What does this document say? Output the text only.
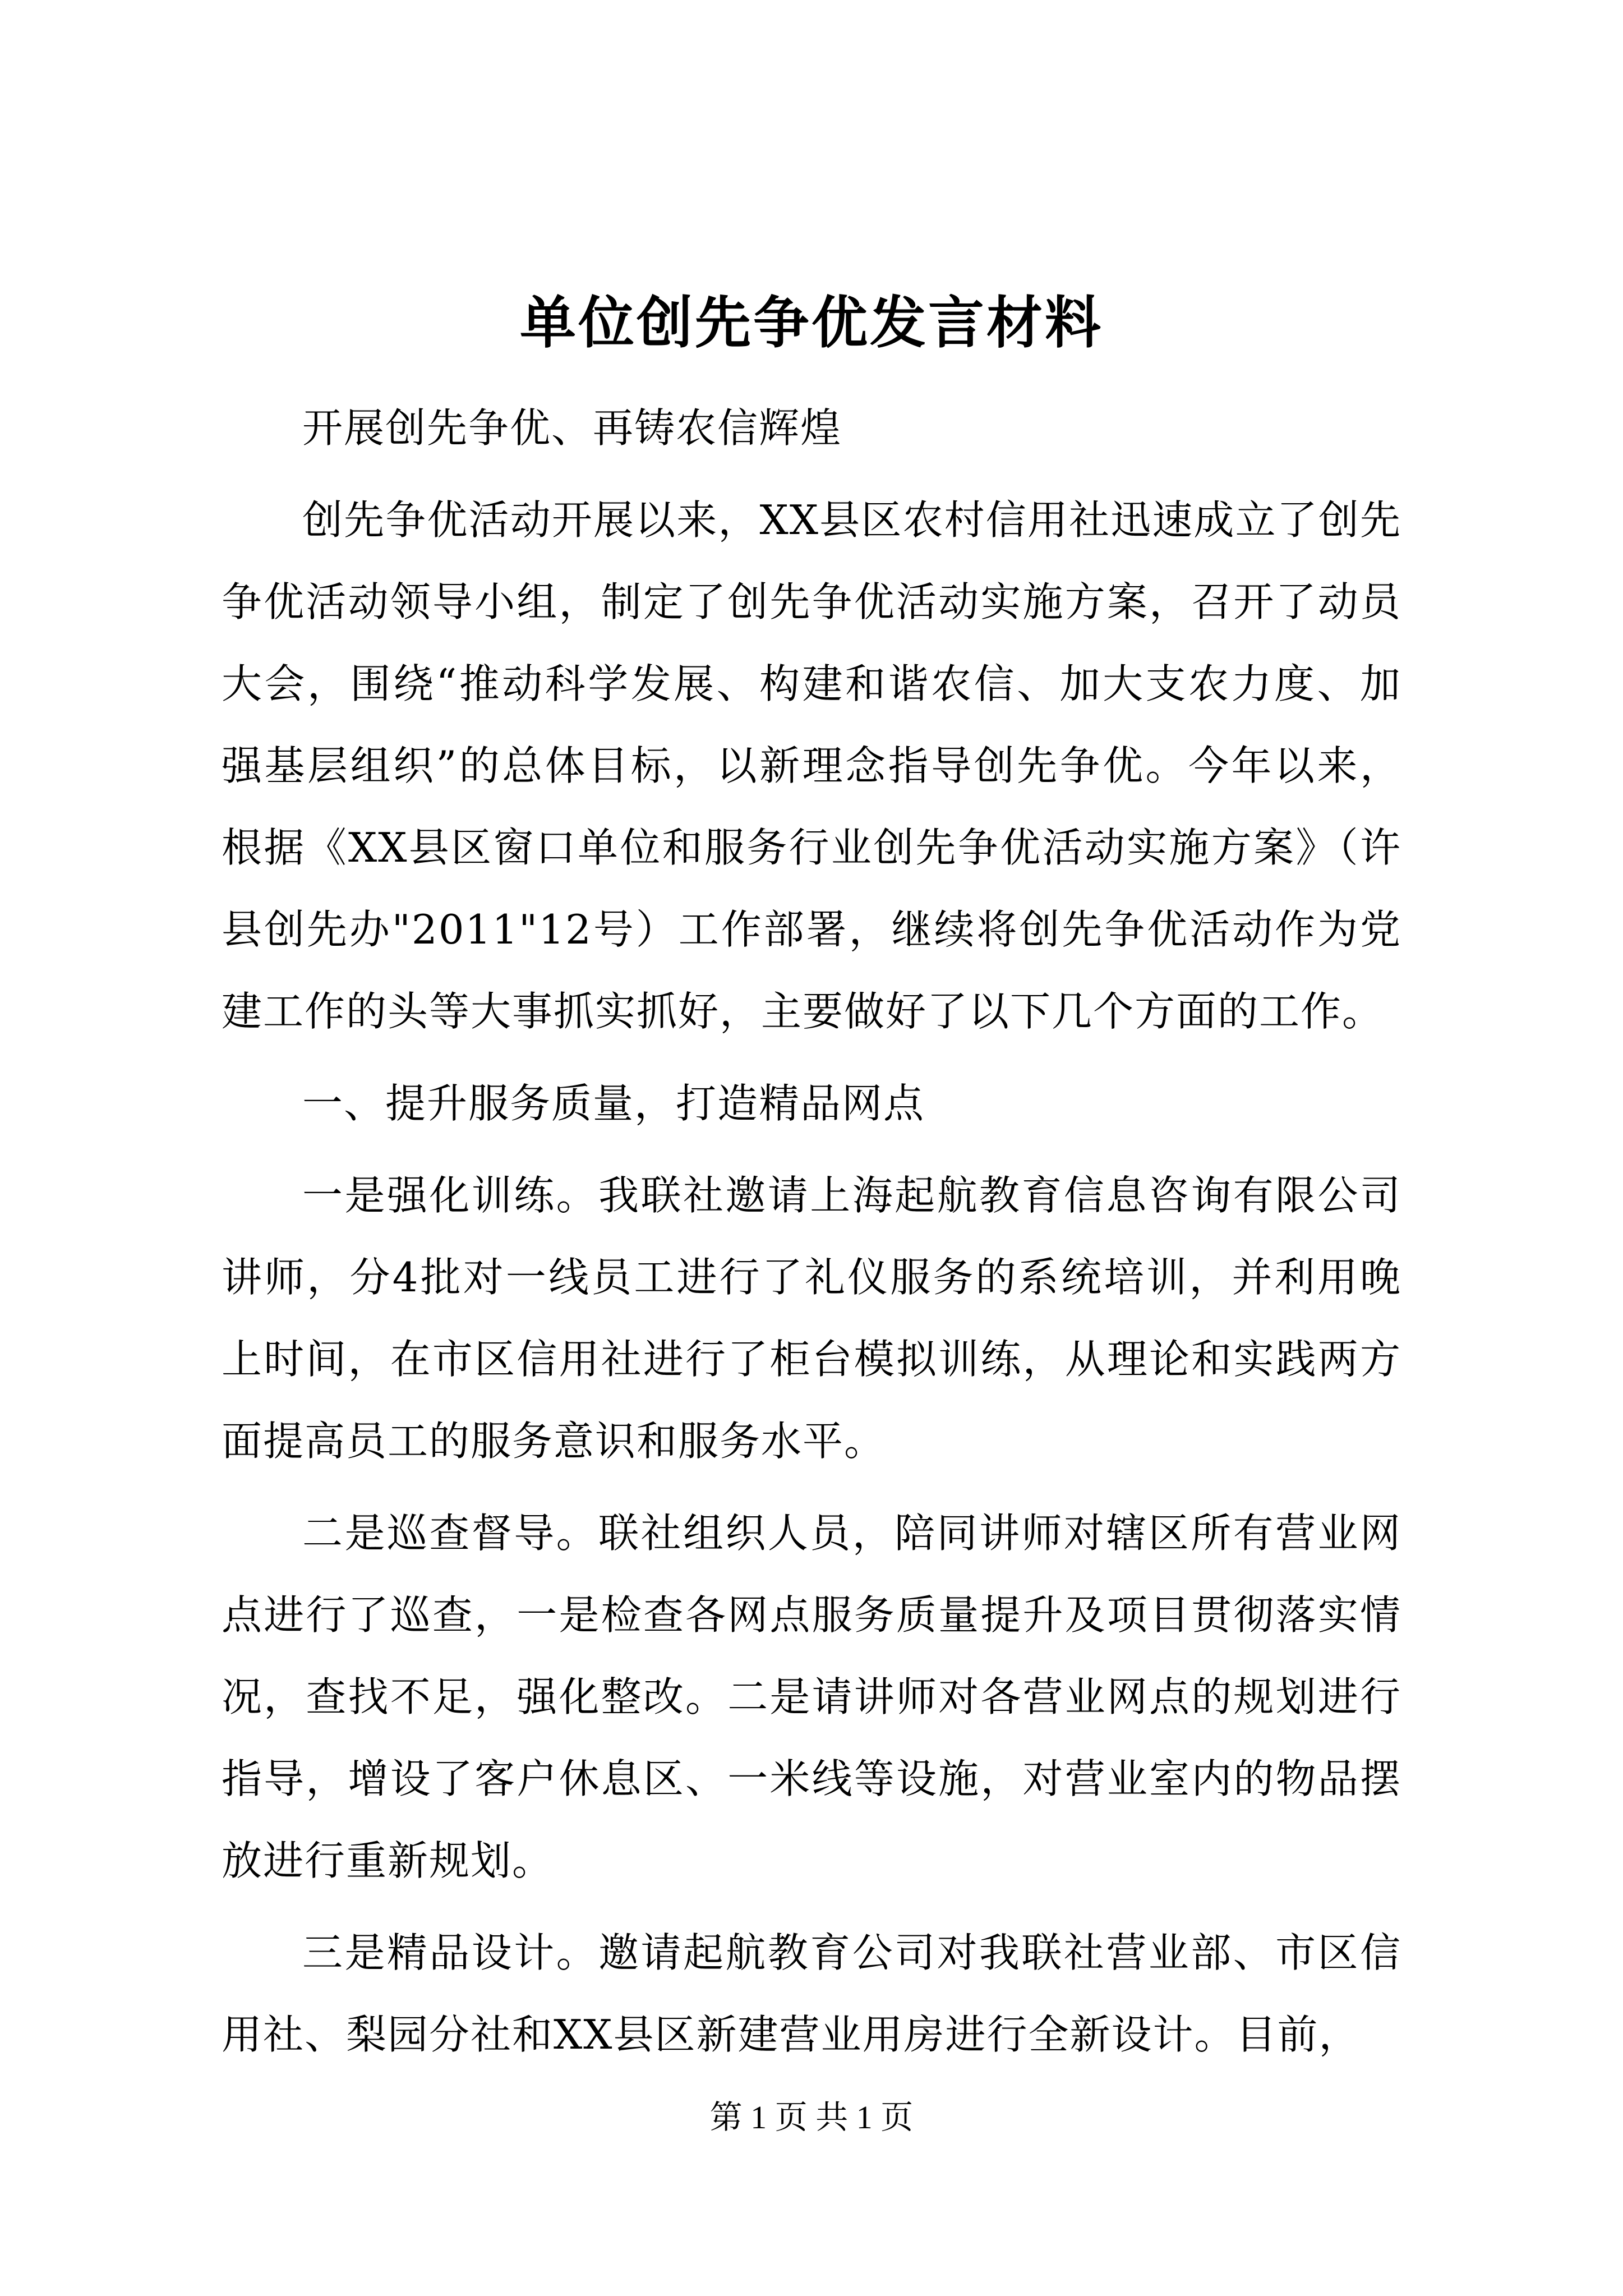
单位创先争优发言材料

开展创先争优、再铸农信辉煌

创先争优活动开展以来，XX县区农村信用社迅速成立了创先争优活动领导小组，制定了创先争优活动实施方案，召开了动员大会，围绕“推动科学发展、构建和谐农信、加大支农力度、加强基层组织”的总体目标，以新理念指导创先争优。今年以来，根据《XX县区窗口单位和服务行业创先争优活动实施方案》（许县创先办"2011"12号）工作部署，继续将创先争优活动作为党建工作的头等大事抓实抓好，主要做好了以下几个方面的工作。

一、提升服务质量，打造精品网点

一是强化训练。我联社邀请上海起航教育信息咨询有限公司讲师，分4批对一线员工进行了礼仪服务的系统培训，并利用晚上时间，在市区信用社进行了柜台模拟训练，从理论和实践两方面提高员工的服务意识和服务水平。

二是巡查督导。联社组织人员，陪同讲师对辖区所有营业网点进行了巡查，一是检查各网点服务质量提升及项目贯彻落实情况，查找不足，强化整改。二是请讲师对各营业网点的规划进行指导，增设了客户休息区、一米线等设施，对营业室内的物品摆放进行重新规划。

三是精品设计。邀请起航教育公司对我联社营业部、市区信用社、梨园分社和XX县区新建营业用房进行全新设计。目前，

第 1 页 共 1 页
